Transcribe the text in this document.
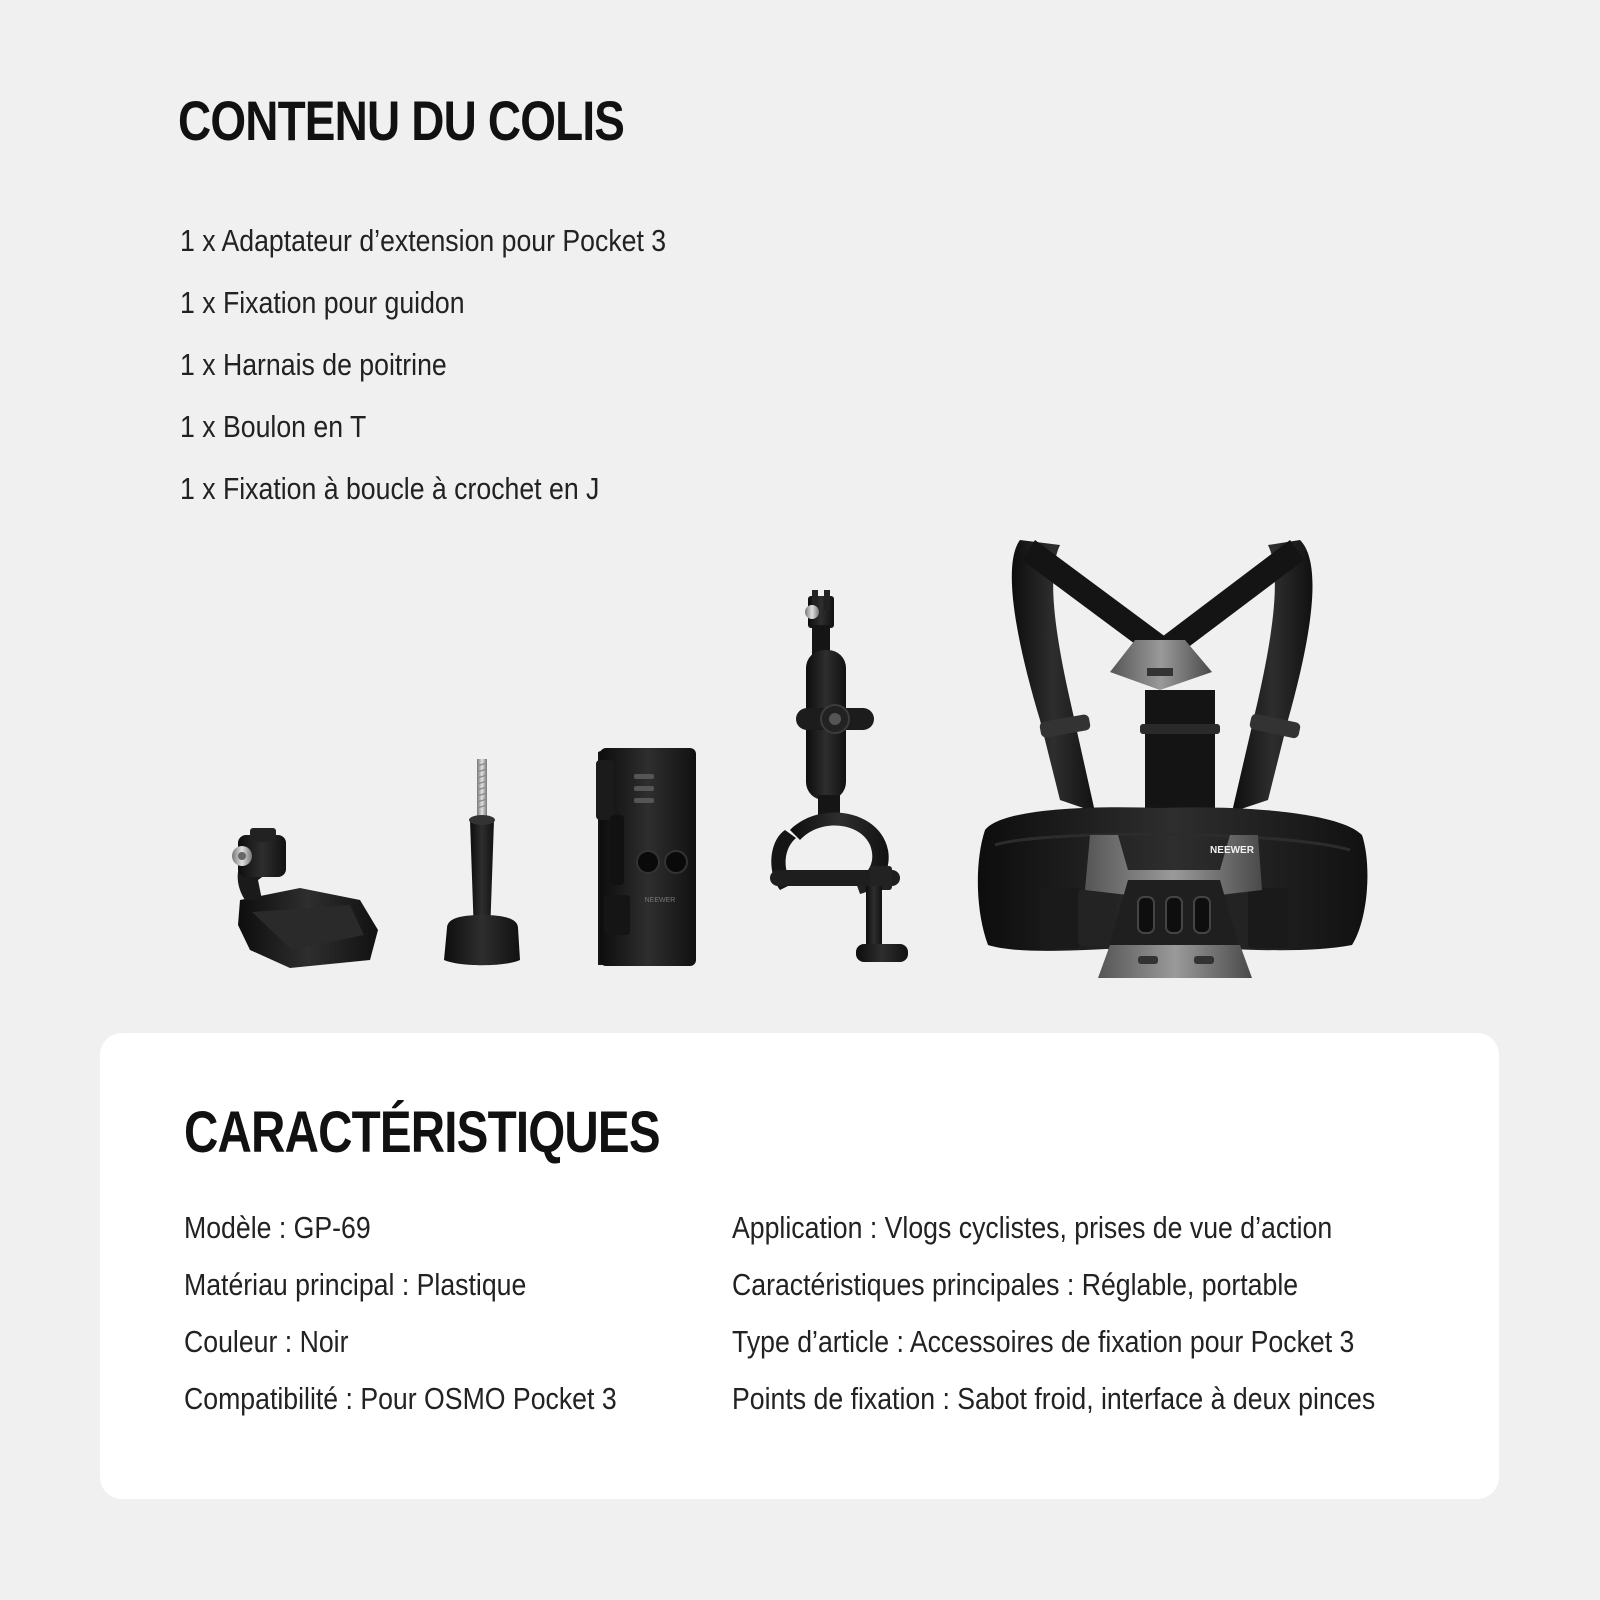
CONTENU DU COLIS
1 x Adaptateur d’extension pour Pocket 3
1 x Fixation pour guidon
1 x Harnais de poitrine
1 x Boulon en T
1 x Fixation à boucle à crochet en J
NEEWER
NEEWER
CARACTÉRISTIQUES
Modèle : GP-69
Matériau principal : Plastique
Couleur : Noir
Compatibilité : Pour OSMO Pocket 3
Application : Vlogs cyclistes, prises de vue d’action
Caractéristiques principales : Réglable, portable
Type d’article : Accessoires de fixation pour Pocket 3
Points de fixation : Sabot froid, interface à deux pinces
